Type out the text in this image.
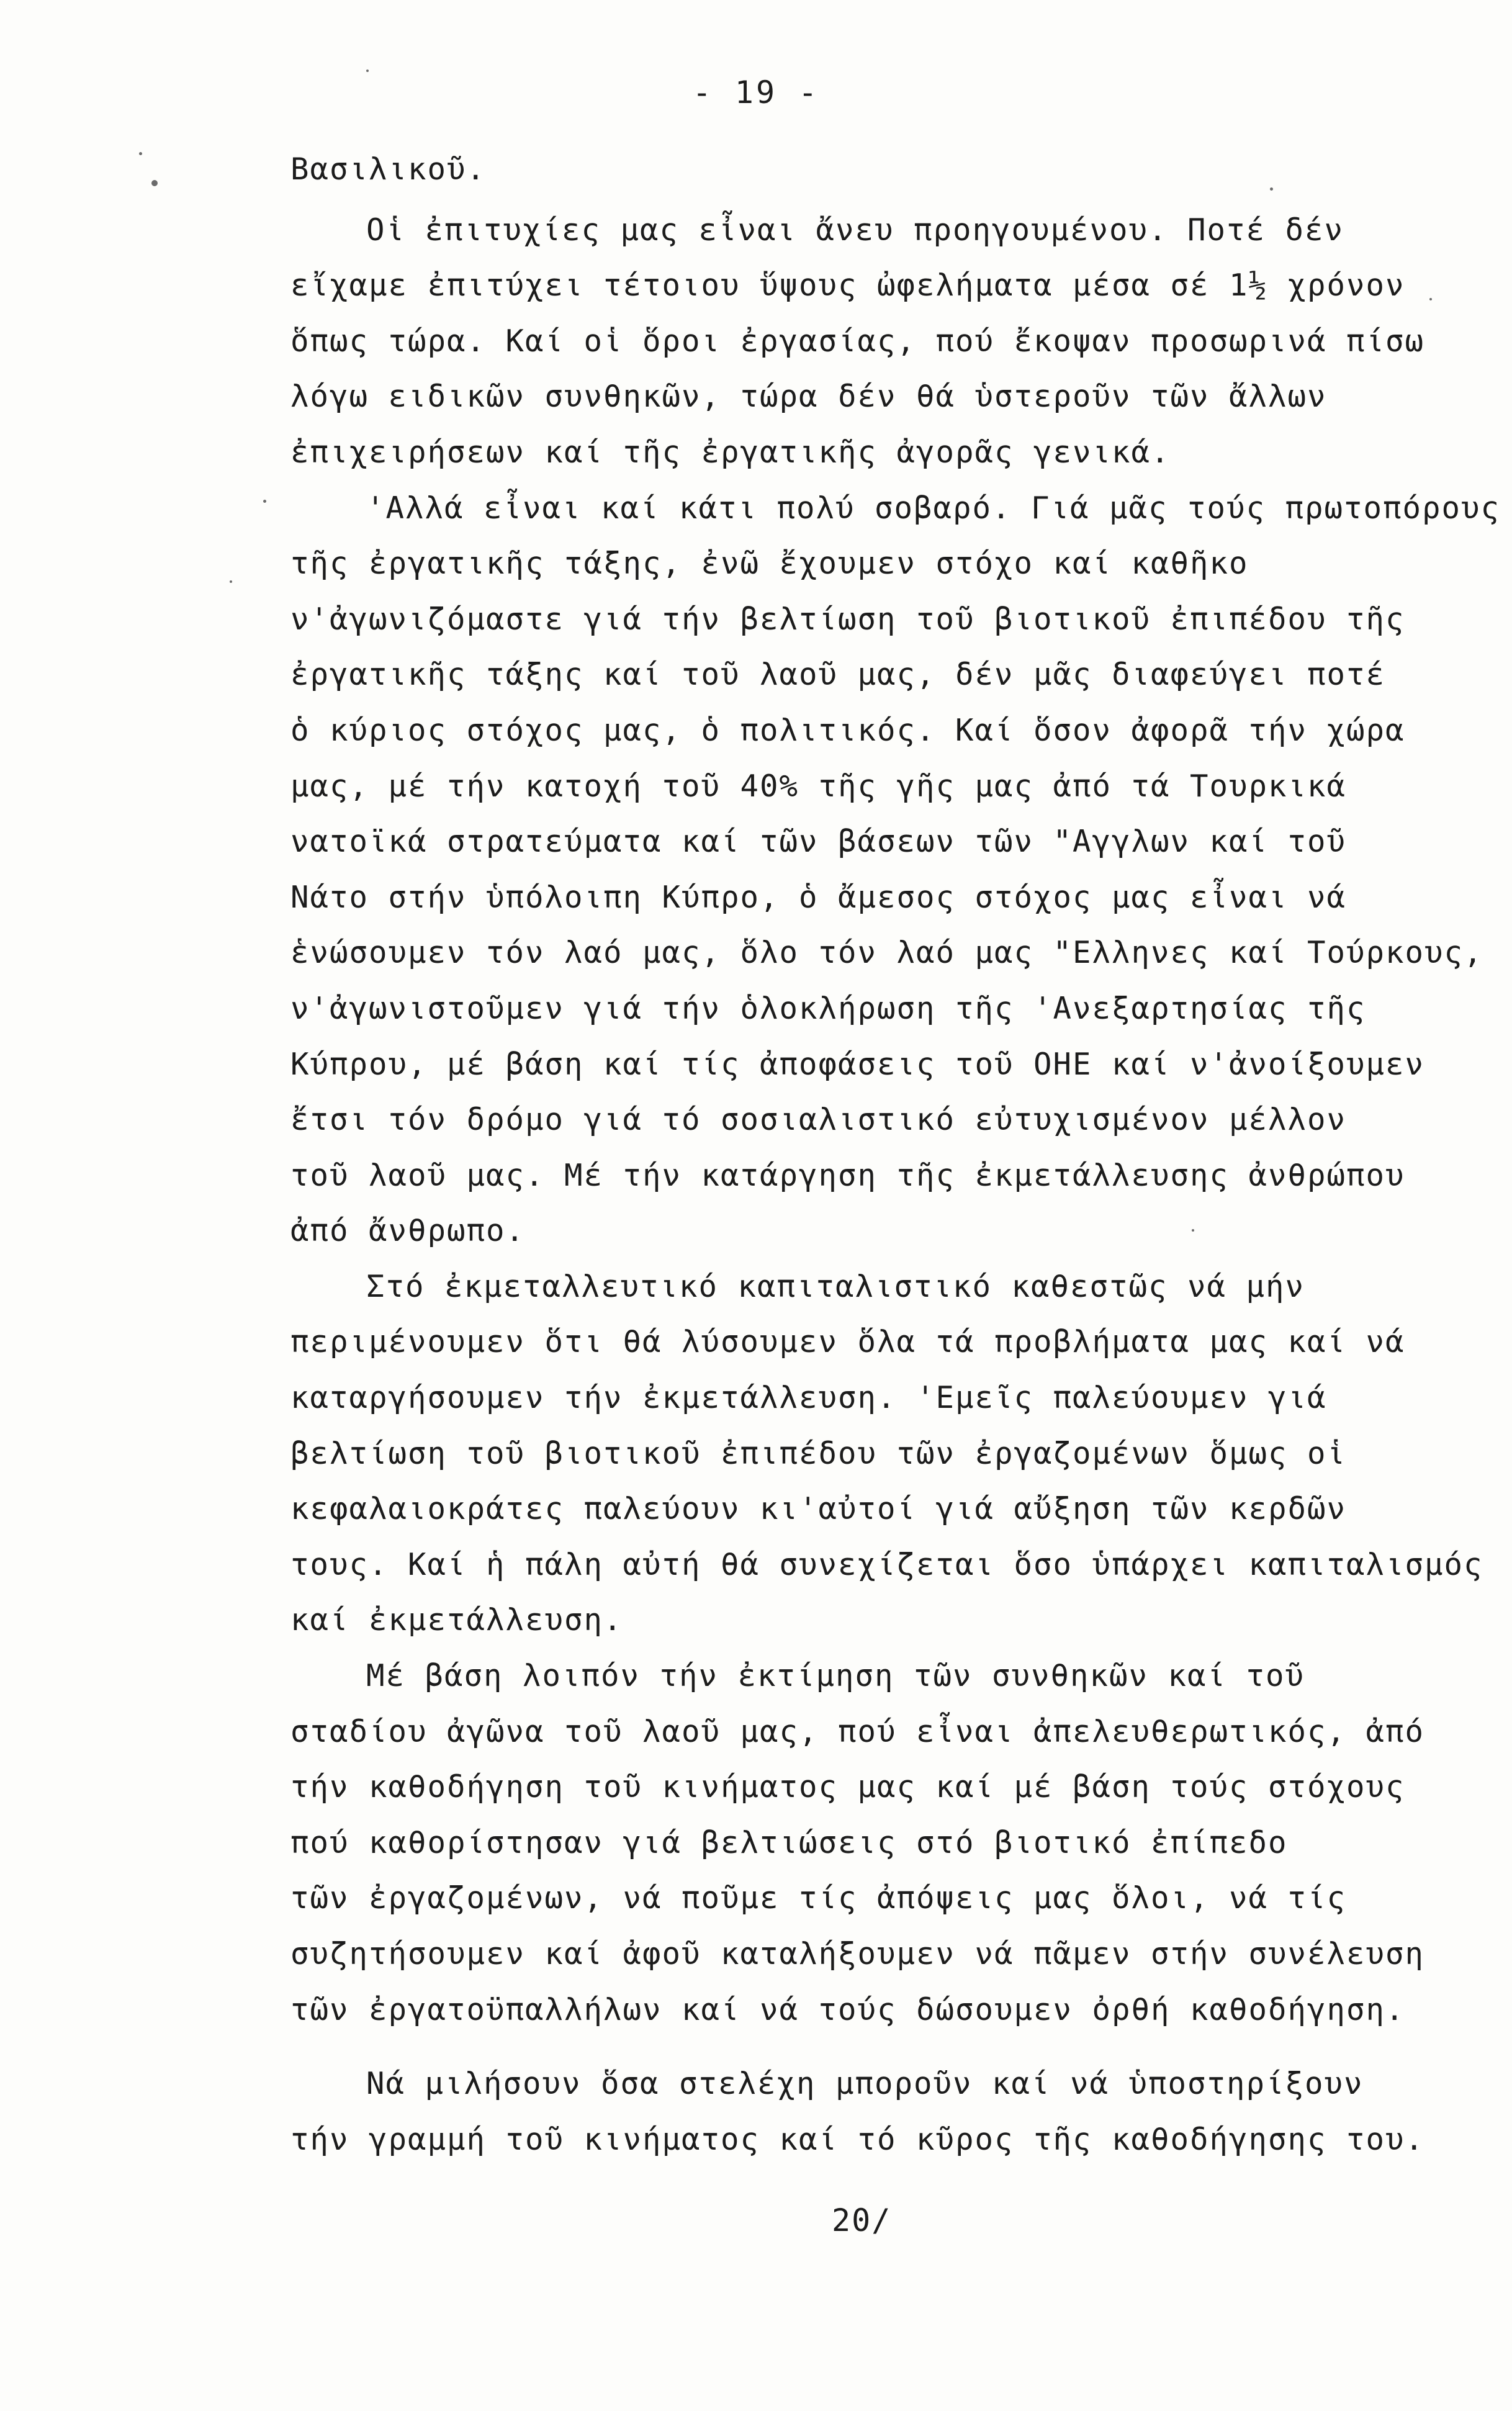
- 19 -
Βασιλικοῦ.
Οἱ ἐπιτυχίες μας εἶναι ἄνευ προηγουμένου. Ποτέ δέν
εἴχαμε ἐπιτύχει τέτοιου ὕψους ὠφελήματα μέσα σέ 1½ χρόνον
ὅπως τώρα. Καί οἱ ὅροι ἐργασίας, πού ἔκοψαν προσωρινά πίσω
λόγω ειδικῶν συνθηκῶν, τώρα δέν θά ὑστεροῦν τῶν ἄλλων
ἐπιχειρήσεων καί τῆς ἐργατικῆς ἀγορᾶς γενικά.
'Αλλά εἶναι καί κάτι πολύ σοβαρό. Γιά μᾶς τούς πρωτοπόρους
τῆς ἐργατικῆς τάξης, ἐνῶ ἔχουμεν στόχο καί καθῆκο
ν'ἀγωνιζόμαστε γιά τήν βελτίωση τοῦ βιοτικοῦ ἐπιπέδου τῆς
ἐργατικῆς τάξης καί τοῦ λαοῦ μας, δέν μᾶς διαφεύγει ποτέ
ὁ κύριος στόχος μας, ὁ πολιτικός. Καί ὅσον ἀφορᾶ τήν χώρα
μας, μέ τήν κατοχή τοῦ 40% τῆς γῆς μας ἀπό τά Τουρκικά
νατοϊκά στρατεύματα καί τῶν βάσεων τῶν "Αγγλων καί τοῦ
Νάτο στήν ὑπόλοιπη Κύπρο, ὁ ἄμεσος στόχος μας εἶναι νά
ἑνώσουμεν τόν λαό μας, ὅλο τόν λαό μας "Ελληνες καί Τούρκους,
ν'ἀγωνιστοῦμεν γιά τήν ὁλοκλήρωση τῆς 'Ανεξαρτησίας τῆς
Κύπρου, μέ βάση καί τίς ἀποφάσεις τοῦ ΟΗΕ καί ν'ἀνοίξουμεν
ἔτσι τόν δρόμο γιά τό σοσιαλιστικό εὐτυχισμένον μέλλον
τοῦ λαοῦ μας. Μέ τήν κατάργηση τῆς ἐκμετάλλευσης ἀνθρώπου
ἀπό ἄνθρωπο.
Στό ἐκμεταλλευτικό καπιταλιστικό καθεστῶς νά μήν
περιμένουμεν ὅτι θά λύσουμεν ὅλα τά προβλήματα μας καί νά
καταργήσουμεν τήν ἐκμετάλλευση. 'Εμεῖς παλεύουμεν γιά
βελτίωση τοῦ βιοτικοῦ ἐπιπέδου τῶν ἐργαζομένων ὅμως οἱ
κεφαλαιοκράτες παλεύουν κι'αὐτοί γιά αὔξηση τῶν κερδῶν
τους. Καί ἡ πάλη αὐτή θά συνεχίζεται ὅσο ὑπάρχει καπιταλισμός
καί ἐκμετάλλευση.
Μέ βάση λοιπόν τήν ἐκτίμηση τῶν συνθηκῶν καί τοῦ
σταδίου ἀγῶνα τοῦ λαοῦ μας, πού εἶναι ἀπελευθερωτικός, ἀπό
τήν καθοδήγηση τοῦ κινήματος μας καί μέ βάση τούς στόχους
πού καθορίστησαν γιά βελτιώσεις στό βιοτικό ἐπίπεδο
τῶν ἐργαζομένων, νά ποῦμε τίς ἀπόψεις μας ὅλοι, νά τίς
συζητήσουμεν καί ἀφοῦ καταλήξουμεν νά πᾶμεν στήν συνέλευση
τῶν ἐργατοϋπαλλήλων καί νά τούς δώσουμεν ὀρθή καθοδήγηση.
Νά μιλήσουν ὅσα στελέχη μποροῦν καί νά ὑποστηρίξουν
τήν γραμμή τοῦ κινήματος καί τό κῦρος τῆς καθοδήγησης του.
20/
